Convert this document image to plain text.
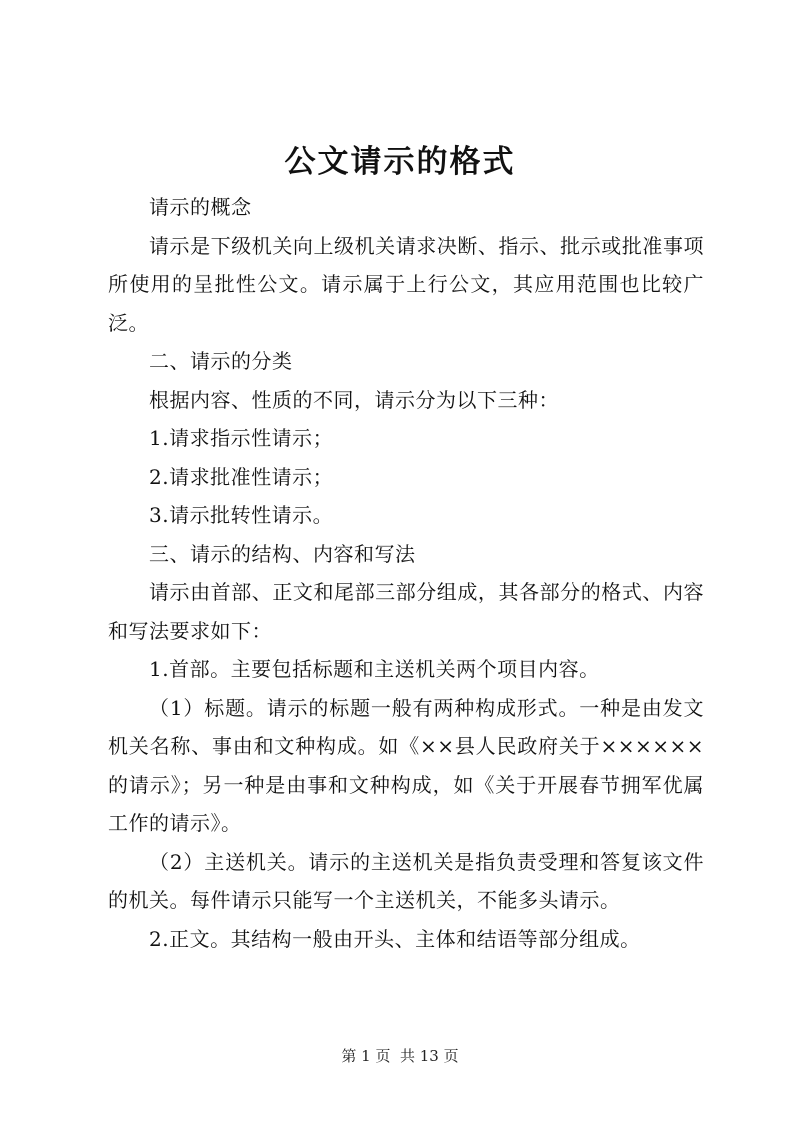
公文请示的格式

请示的概念

请示是下级机关向上级机关请求决断、指示、批示或批准事项所使用的呈批性公文。请示属于上行公文，其应用范围也比较广泛。

二、请示的分类

根据内容、性质的不同，请示分为以下三种：

1.请求指示性请示；

2.请求批准性请示；

3.请示批转性请示。

三、请示的结构、内容和写法

请示由首部、正文和尾部三部分组成，其各部分的格式、内容和写法要求如下：

1.首部。主要包括标题和主送机关两个项目内容。

（1）标题。请示的标题一般有两种构成形式。一种是由发文机关名称、事由和文种构成。如《××县人民政府关于××××××的请示》；另一种是由事和文种构成，如《关于开展春节拥军优属工作的请示》。

（2）主送机关。请示的主送机关是指负责受理和答复该文件的机关。每件请示只能写一个主送机关，不能多头请示。

2.正文。其结构一般由开头、主体和结语等部分组成。

第 1 页  共 13 页
